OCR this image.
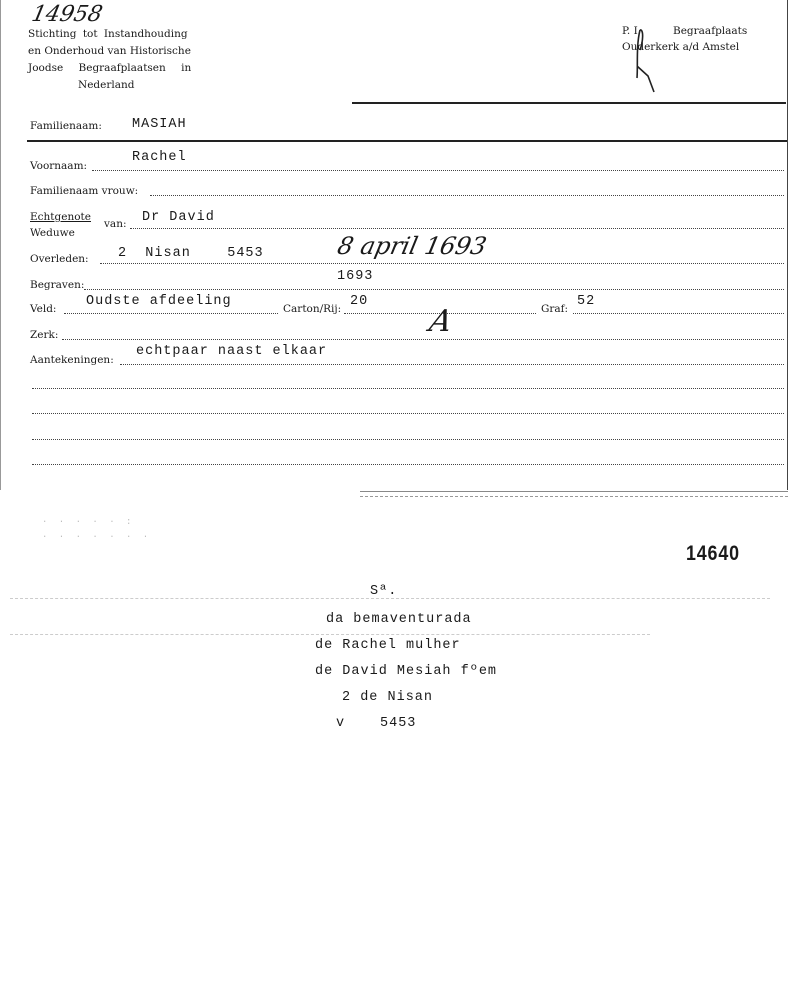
14958
Stichting tot Instandhouding
en Onderhoud van Historische
Joodse Begraafplaatsen in
Nederland
P. I.	Begraafplaats
Ouderkerk a/d Amstel
Familienaam: MASIAH
Voornaam:
Rachel
Familienaam vrouw:
Echtgenote
Weduwe
van: Dr David
Overleden: 2  Nisan    5453	8 april 1693
Begraven:
1693
Veld: Oudste afdeeling	Carton/Rij: 20
A	Graf: 52
Zerk:
Aantekeningen:
echtpaar naast elkaar
· · · · · :
· · · · · · ·
14640
Sª.
da bemaventurada
de Rachel mulher
de David Mesiah fºem
2 de Nisan
v	5453
